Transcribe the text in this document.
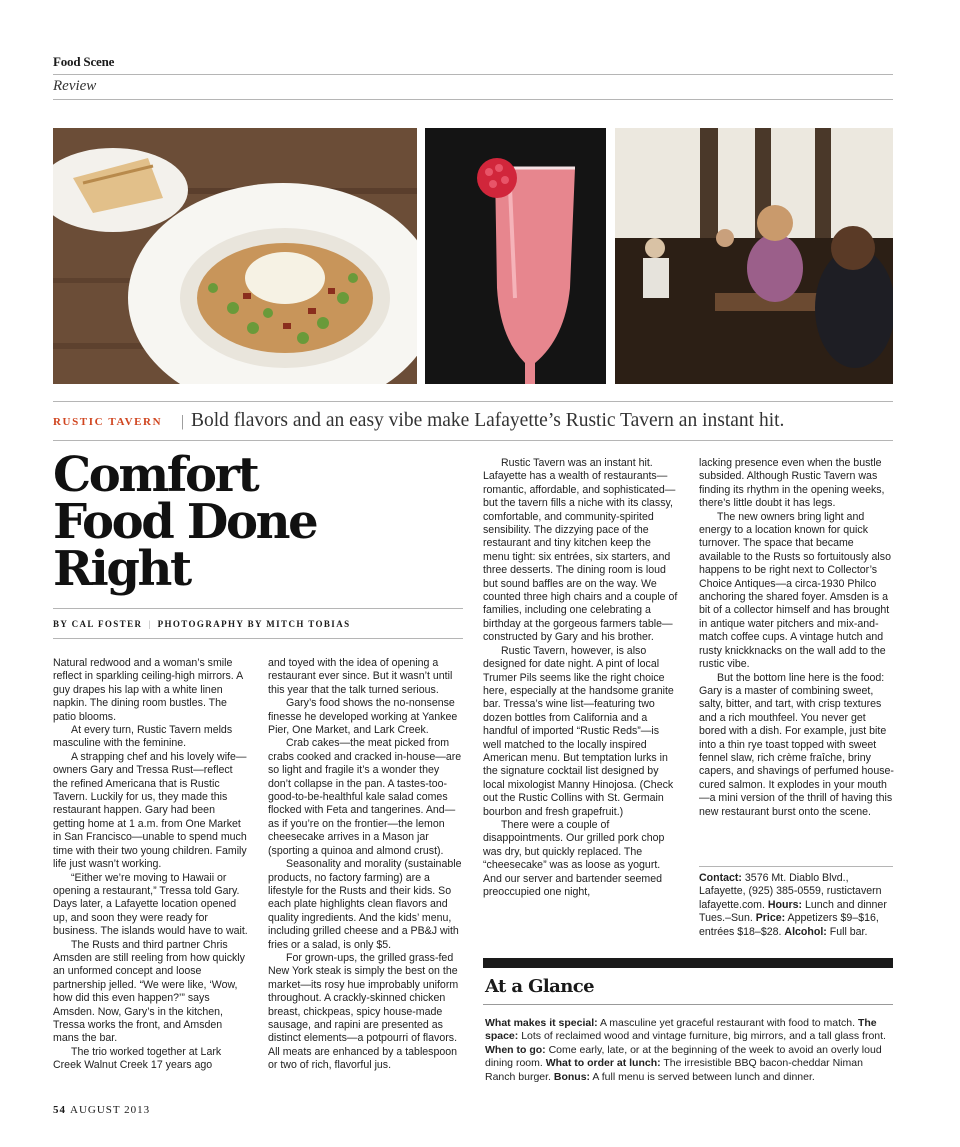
Food Scene
Review
RUSTIC TAVERN | Bold flavors and an easy vibe make Lafayette’s Rustic Tavern an instant hit.
Comfort
Food Done
Right
BY CAL FOSTER | PHOTOGRAPHY BY MITCH TOBIAS

Natural redwood and a woman’s smile reflect in sparkling ceiling-high mirrors. A guy drapes his lap with a white linen napkin. The dining room bustles. The patio blooms.

At every turn, Rustic Tavern melds masculine with the feminine.

A strapping chef and his lovely wife—owners Gary and Tressa Rust—reflect the refined Americana that is Rustic Tavern. Luckily for us, they made this restaurant happen. Gary had been getting home at 1 a.m. from One Market in San Francisco—unable to spend much time with their two young children. Family life just wasn’t working.

“Either we’re moving to Hawaii or opening a restaurant,” Tressa told Gary. Days later, a Lafayette location opened up, and soon they were ready for business. The islands would have to wait.

The Rusts and third partner Chris Amsden are still reeling from how quickly an unformed concept and loose partnership jelled. “We were like, ‘Wow, how did this even happen?’” says Amsden. Now, Gary’s in the kitchen, Tressa works the front, and Amsden mans the bar.

The trio worked together at Lark Creek Walnut Creek 17 years ago

and toyed with the idea of opening a restaurant ever since. But it wasn’t until this year that the talk turned serious.

Gary’s food shows the no-nonsense finesse he developed working at Yankee Pier, One Market, and Lark Creek.

Crab cakes—the meat picked from crabs cooked and cracked in-house—are so light and fragile it’s a wonder they don’t collapse in the pan. A tastes-too-good-to-be-healthful kale salad comes flocked with Feta and tangerines. And—as if you’re on the frontier—the lemon cheesecake arrives in a Mason jar (sporting a quinoa and almond crust).

Seasonality and morality (sustainable products, no factory farming) are a lifestyle for the Rusts and their kids. So each plate highlights clean flavors and quality ingredients. And the kids’ menu, including grilled cheese and a PB&J with fries or a salad, is only $5.

For grown-ups, the grilled grass-fed New York steak is simply the best on the market—its rosy hue improbably uniform throughout. A crackly-skinned chicken breast, chickpeas, spicy house-made sausage, and rapini are presented as distinct elements—a potpourri of flavors. All meats are enhanced by a tablespoon or two of rich, flavorful jus.

Rustic Tavern was an instant hit. Lafayette has a wealth of restaurants—romantic, affordable, and sophisticated—but the tavern fills a niche with its classy, comfortable, and community-spirited sensibility. The dizzying pace of the restaurant and tiny kitchen keep the menu tight: six entrées, six starters, and three desserts. The dining room is loud but sound baffles are on the way. We counted three high chairs and a couple of families, including one celebrating a birthday at the gorgeous farmers table—constructed by Gary and his brother.

Rustic Tavern, however, is also designed for date night. A pint of local Trumer Pils seems like the right choice here, especially at the handsome granite bar. Tressa’s wine list—featuring two dozen bottles from California and a handful of imported “Rustic Reds”—is well matched to the locally inspired American menu. But temptation lurks in the signature cocktail list designed by local mixologist Manny Hinojosa. (Check out the Rustic Collins with St. Germain bourbon and fresh grapefruit.)

There were a couple of disappointments. Our grilled pork chop was dry, but quickly replaced. The “cheesecake” was as loose as yogurt. And our server and bartender seemed preoccupied one night,

lacking presence even when the bustle subsided. Although Rustic Tavern was finding its rhythm in the opening weeks, there’s little doubt it has legs.

The new owners bring light and energy to a location known for quick turnover. The space that became available to the Rusts so fortuitously also happens to be right next to Collector’s Choice Antiques—a circa-1930 Philco anchoring the shared foyer. Amsden is a bit of a collector himself and has brought in antique water pitchers and mix-and-match coffee cups. A vintage hutch and rusty knickknacks on the wall add to the rustic vibe.

But the bottom line here is the food: Gary is a master of combining sweet, salty, bitter, and tart, with crisp textures and a rich mouthfeel. You never get bored with a dish. For example, just bite into a thin rye toast topped with sweet fennel slaw, rich crème fraîche, briny capers, and shavings of perfumed house-cured salmon. It explodes in your mouth—a mini version of the thrill of having this new restaurant burst onto the scene.

Contact: 3576 Mt. Diablo Blvd., Lafayette, (925) 385-0559, rustictavern lafayette.com. Hours: Lunch and dinner Tues.–Sun. Price: Appetizers $9–$16, entrées $18–$28. Alcohol: Full bar.
At a Glance
What makes it special: A masculine yet graceful restaurant with food to match. The space: Lots of reclaimed wood and vintage furniture, big mirrors, and a tall glass front. When to go: Come early, late, or at the beginning of the week to avoid an overly loud dining room. What to order at lunch: The irresistible BBQ bacon-cheddar Niman Ranch burger. Bonus: A full menu is served between lunch and dinner.
54 AUGUST 2013
